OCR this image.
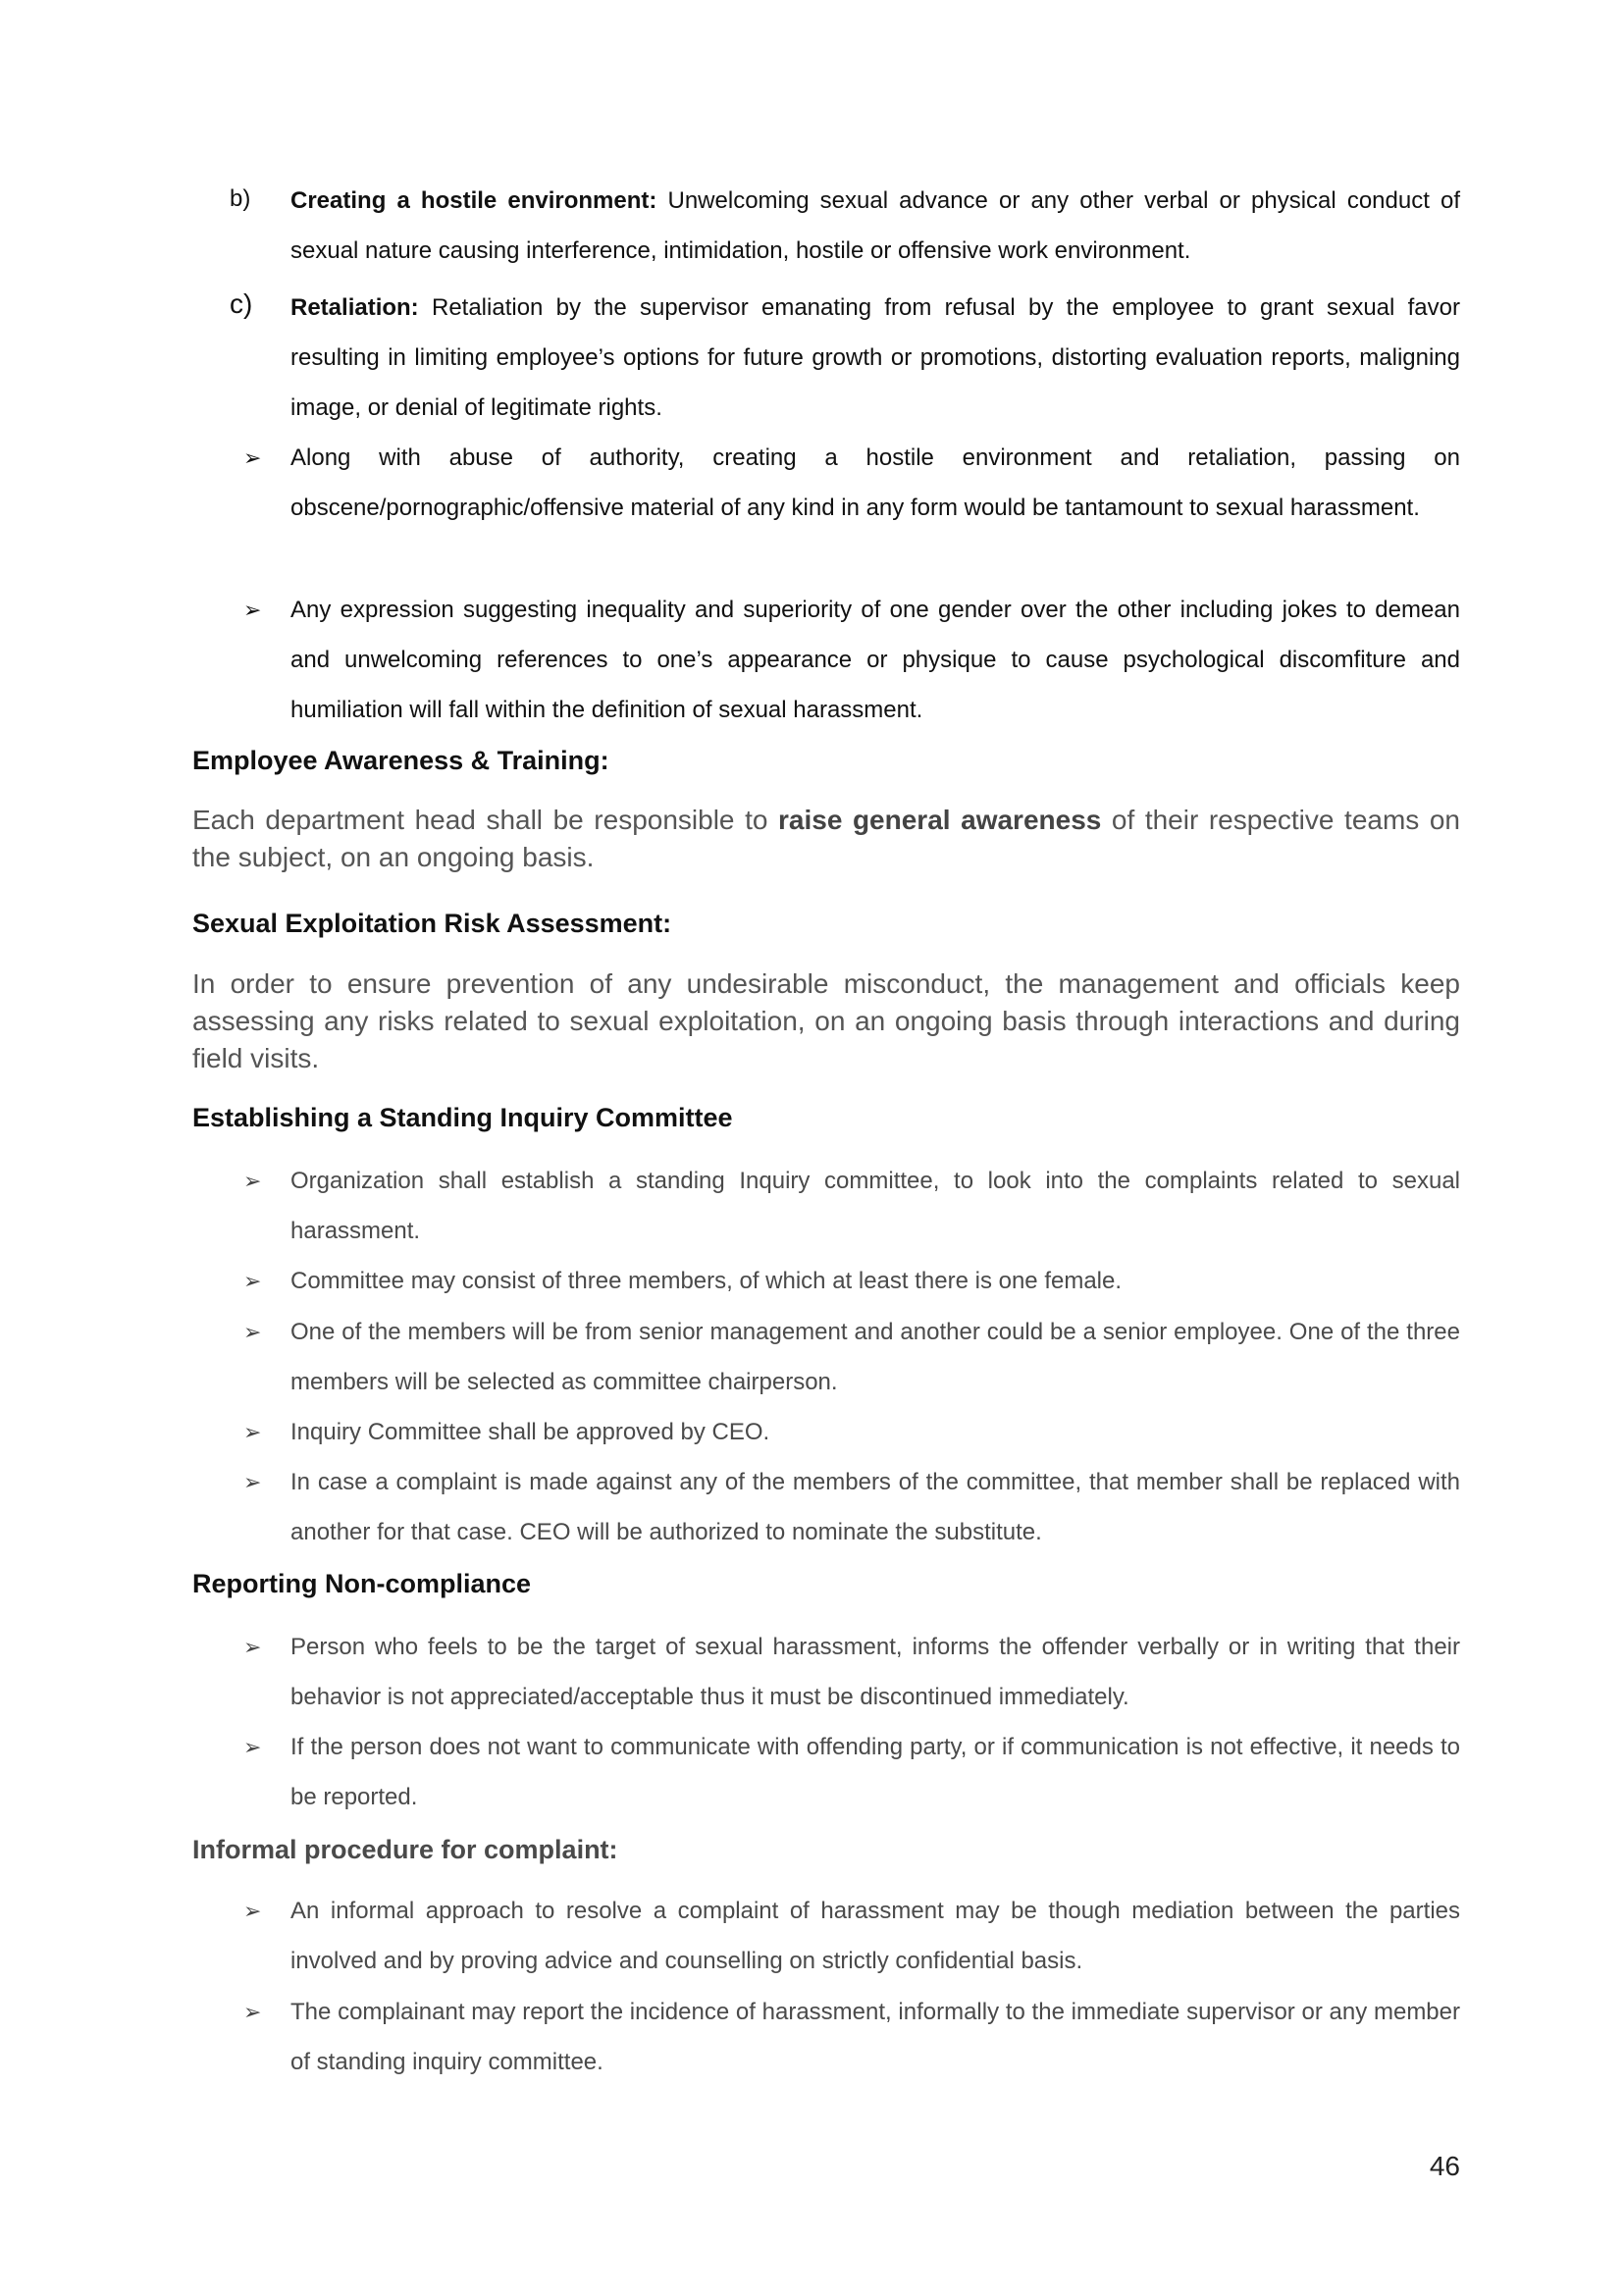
b) Creating a hostile environment: Unwelcoming sexual advance or any other verbal or physical conduct of sexual nature causing interference, intimidation, hostile or offensive work environment.
c) Retaliation: Retaliation by the supervisor emanating from refusal by the employee to grant sexual favor resulting in limiting employee’s options for future growth or promotions, distorting evaluation reports, maligning image, or denial of legitimate rights.
➢ Along with abuse of authority, creating a hostile environment and retaliation, passing on obscene/pornographic/offensive material of any kind in any form would be tantamount to sexual harassment.
➢ Any expression suggesting inequality and superiority of one gender over the other including jokes to demean and unwelcoming references to one’s appearance or physique to cause psychological discomfiture and humiliation will fall within the definition of sexual harassment.
Employee Awareness & Training:
Each department head shall be responsible to raise general awareness of their respective teams on the subject, on an ongoing basis.
Sexual Exploitation Risk Assessment:
In order to ensure prevention of any undesirable misconduct, the management and officials keep assessing any risks related to sexual exploitation, on an ongoing basis through interactions and during field visits.
Establishing a Standing Inquiry Committee
➢ Organization shall establish a standing Inquiry committee, to look into the complaints related to sexual harassment.
➢ Committee may consist of three members, of which at least there is one female.
➢ One of the members will be from senior management and another could be a senior employee. One of the three members will be selected as committee chairperson.
➢ Inquiry Committee shall be approved by CEO.
➢ In case a complaint is made against any of the members of the committee, that member shall be replaced with another for that case. CEO will be authorized to nominate the substitute.
Reporting Non-compliance
➢ Person who feels to be the target of sexual harassment, informs the offender verbally or in writing that their behavior is not appreciated/acceptable thus it must be discontinued immediately.
➢ If the person does not want to communicate with offending party, or if communication is not effective, it needs to be reported.
Informal procedure for complaint:
➢ An informal approach to resolve a complaint of harassment may be though mediation between the parties involved and by proving advice and counselling on strictly confidential basis.
➢ The complainant may report the incidence of harassment, informally to the immediate supervisor or any member of standing inquiry committee.
46
